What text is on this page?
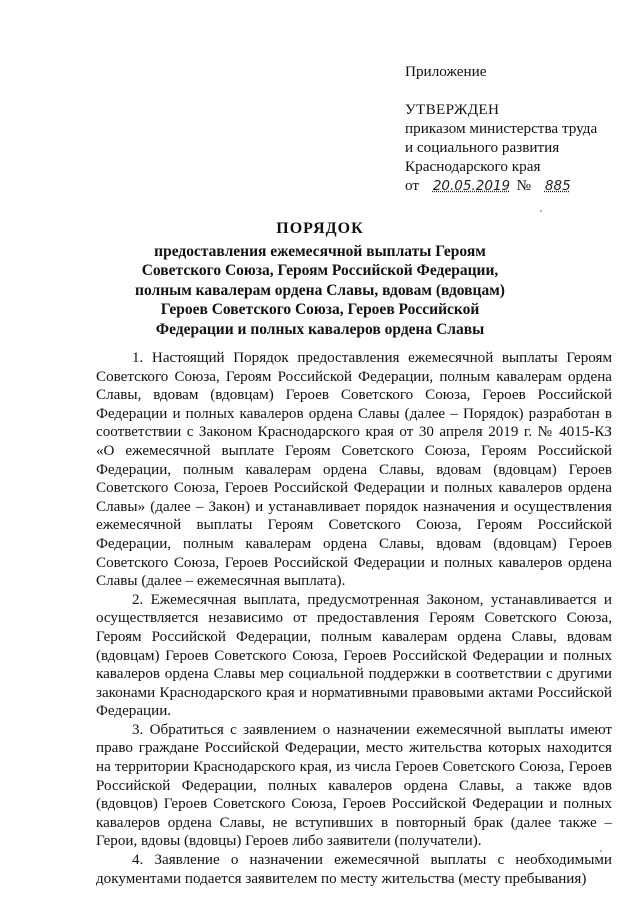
Приложение
УТВЕРЖДЕН
приказом министерства труда
и социального развития
Краснодарского края
от 20.05.2019 № 885
ПОРЯДОК
предоставления ежемесячной выплаты Героям
Советского Союза, Героям Российской Федерации,
полным кавалерам ордена Славы, вдовам (вдовцам)
Героев Советского Союза, Героев Российской
Федерации и полных кавалеров ордена Славы

1. Настоящий Порядок предоставления ежемесячной выплаты Героям Советского Союза, Героям Российской Федерации, полным кавалерам ордена Славы, вдовам (вдовцам) Героев Советского Союза, Героев Российской Федерации и полных кавалеров ордена Славы (далее – Порядок) разработан в соответствии с Законом Краснодарского края от 30 апреля 2019 г. № 4015-КЗ «О ежемесячной выплате Героям Советского Союза, Героям Российской Федерации, полным кавалерам ордена Славы, вдовам (вдовцам) Героев Советского Союза, Героев Российской Федерации и полных кавалеров ордена Славы» (далее – Закон) и устанавливает порядок назначения и осуществления ежемесячной выплаты Героям Советского Союза, Героям Российской Федерации, полным кавалерам ордена Славы, вдовам (вдовцам) Героев Советского Союза, Героев Российской Федерации и полных кавалеров ордена Славы (далее – ежемесячная выплата).

2. Ежемесячная выплата, предусмотренная Законом, устанавливается и осуществляется независимо от предоставления Героям Советского Союза, Героям Российской Федерации, полным кавалерам ордена Славы, вдовам (вдовцам) Героев Советского Союза, Героев Российской Федерации и полных кавалеров ордена Славы мер социальной поддержки в соответствии с другими законами Краснодарского края и нормативными правовыми актами Российской Федерации.

3. Обратиться с заявлением о назначении ежемесячной выплаты имеют право граждане Российской Федерации, место жительства которых находится на территории Краснодарского края, из числа Героев Советского Союза, Героев Российской Федерации, полных кавалеров ордена Славы, а также вдов (вдовцов) Героев Советского Союза, Героев Российской Федерации и полных кавалеров ордена Славы, не вступивших в повторный брак (далее также – Герои, вдовы (вдовцы) Героев либо заявители (получатели).

4. Заявление о назначении ежемесячной выплаты с необходимыми документами подается заявителем по месту жительства (месту пребывания)
